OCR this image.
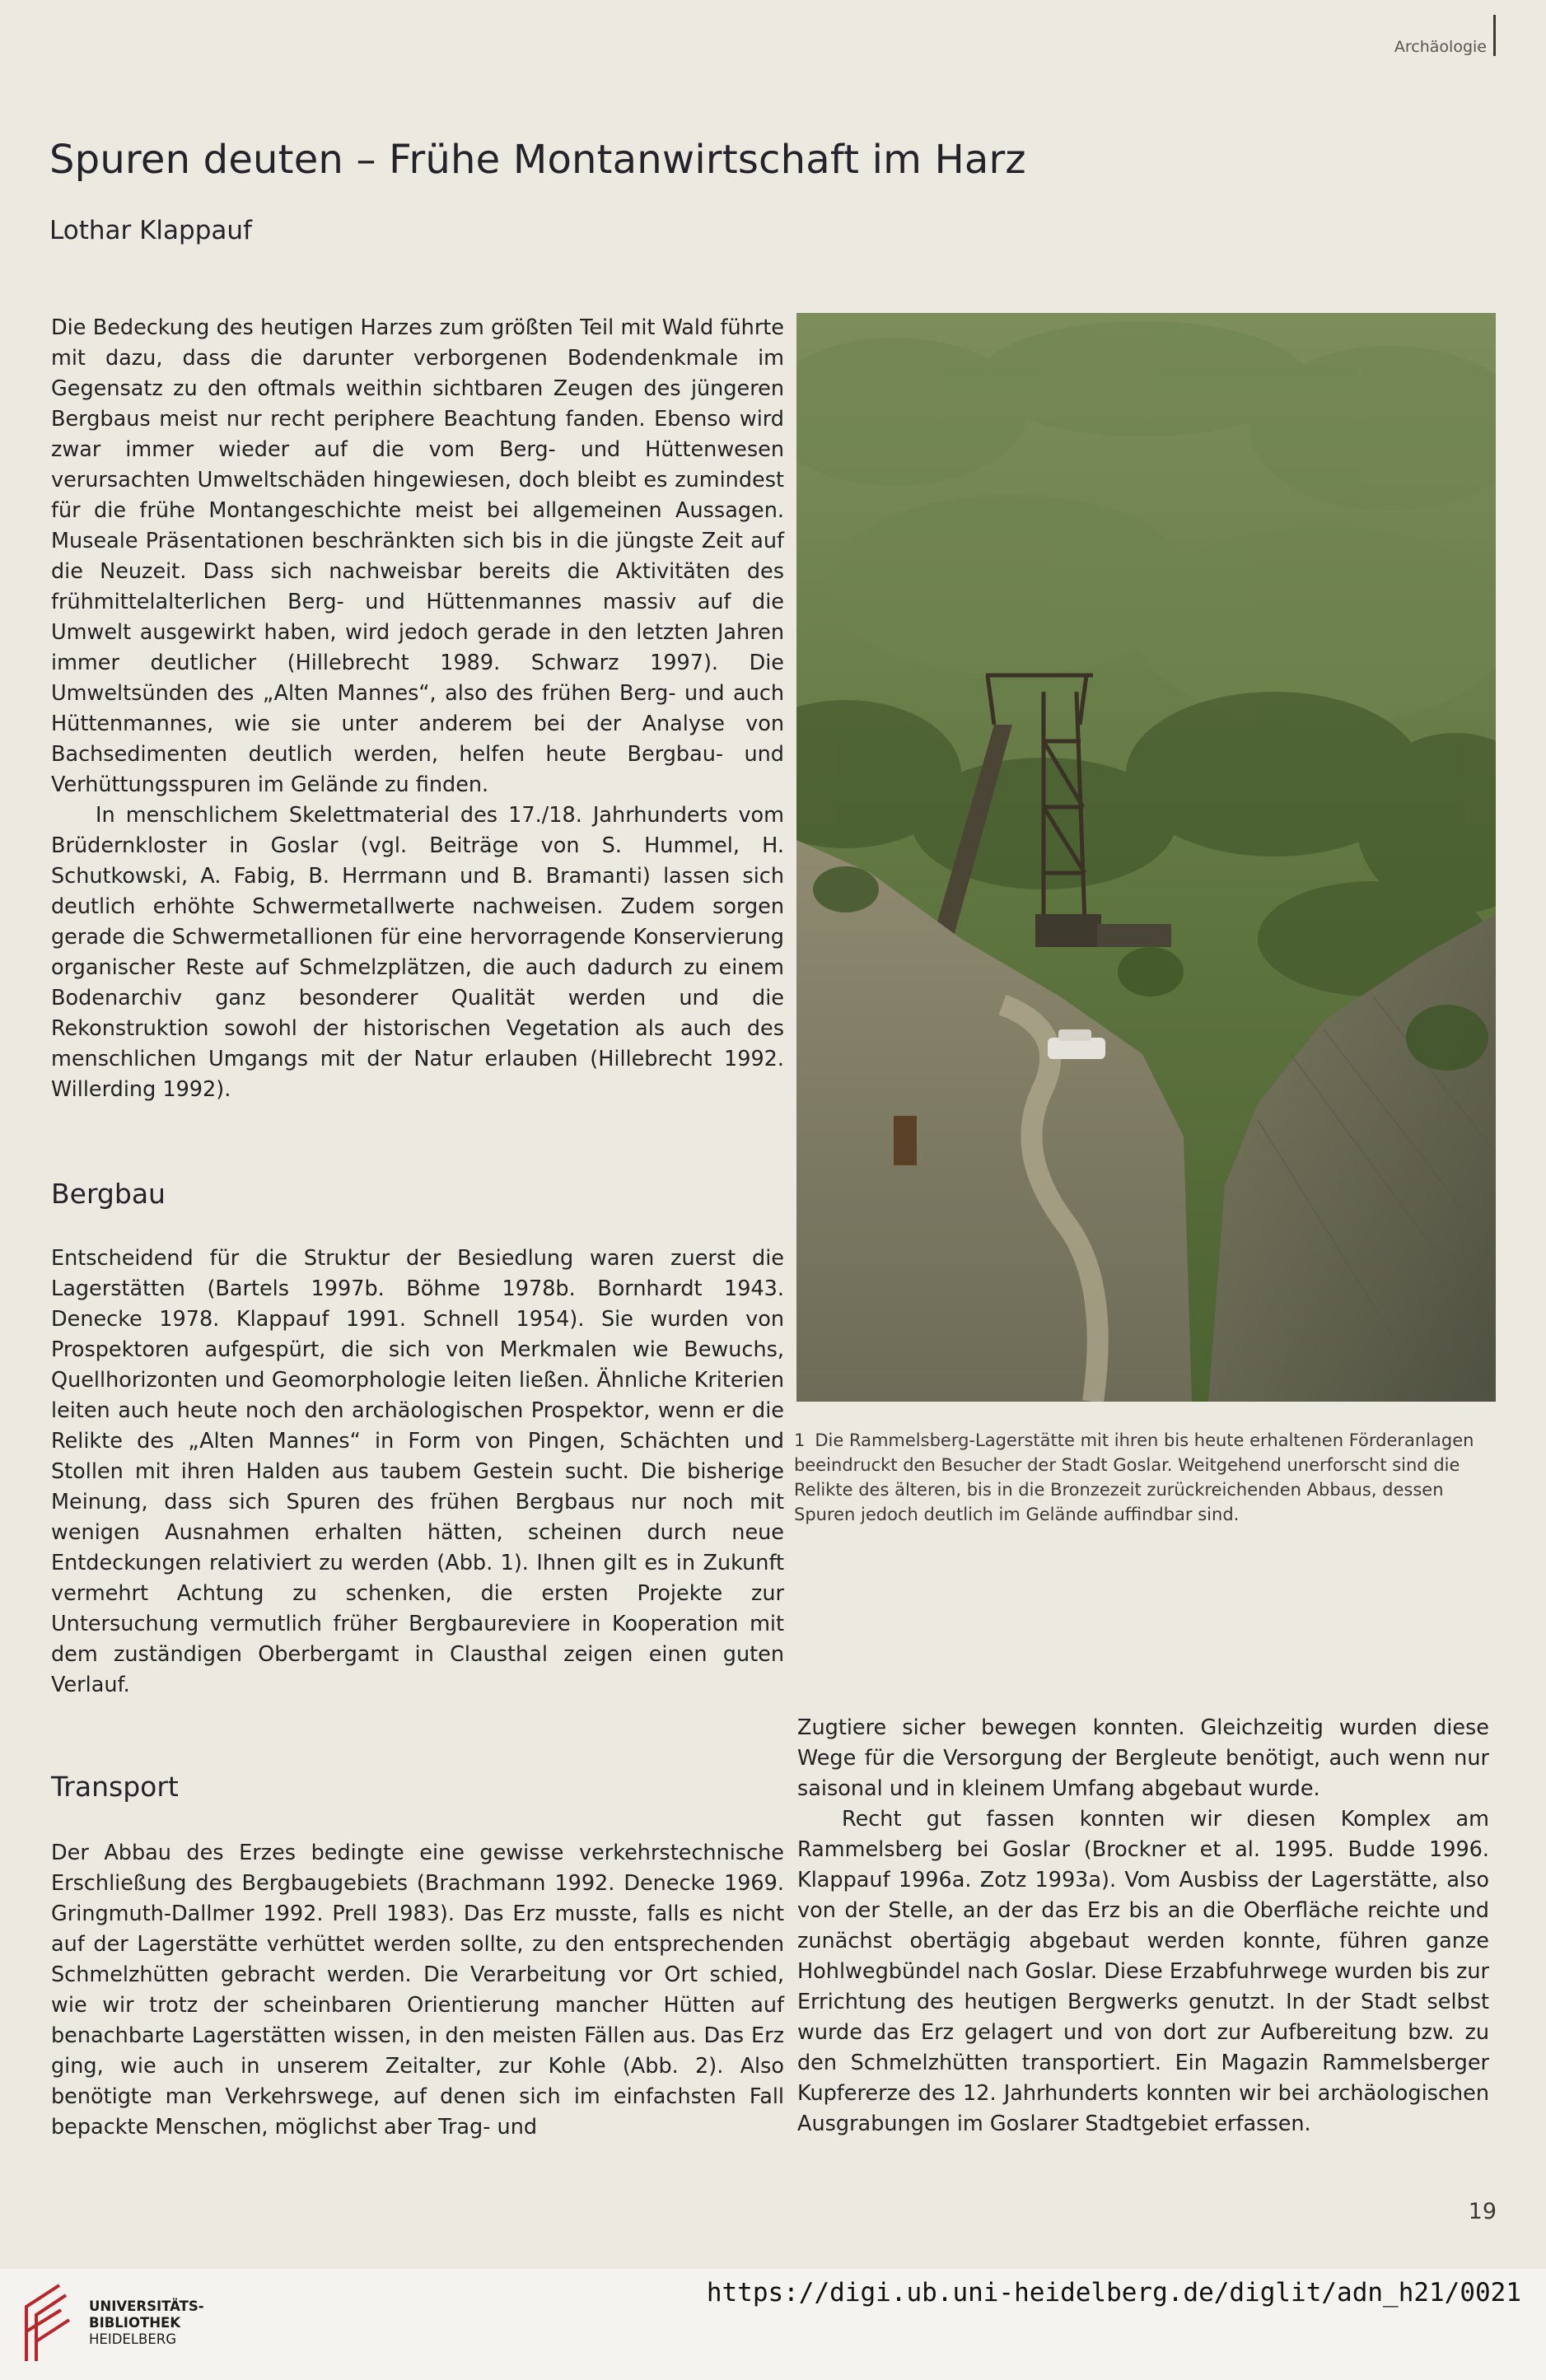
Archäologie
Spuren deuten – Frühe Montanwirtschaft im Harz
Lothar Klappauf

Die Bedeckung des heutigen Harzes zum größten Teil mit Wald führte mit dazu, dass die darunter verborgenen Bodendenkmale im Gegensatz zu den oftmals weithin sichtbaren Zeugen des jüngeren Bergbaus meist nur recht periphere Beachtung fanden. Ebenso wird zwar immer wieder auf die vom Berg- und Hüttenwesen verursachten Umweltschäden hingewiesen, doch bleibt es zumindest für die frühe Montangeschichte meist bei allgemeinen Aussagen. Museale Präsentationen beschränkten sich bis in die jüngste Zeit auf die Neuzeit. Dass sich nachweisbar bereits die Aktivitäten des frühmittelalterlichen Berg- und Hüttenmannes massiv auf die Umwelt ausgewirkt haben, wird jedoch gerade in den letzten Jahren immer deutlicher (Hillebrecht 1989. Schwarz 1997). Die Umweltsünden des „Alten Mannes“, also des frühen Berg- und auch Hüttenmannes, wie sie unter anderem bei der Analyse von Bachsedimenten deutlich werden, helfen heute Bergbau- und Verhüttungsspuren im Gelände zu finden.

In menschlichem Skelettmaterial des 17./18. Jahrhunderts vom Brüdernkloster in Goslar (vgl. Beiträge von S. Hummel, H. Schutkowski, A. Fabig, B. Herrmann und B. Bramanti) lassen sich deutlich erhöhte Schwermetallwerte nachweisen. Zudem sorgen gerade die Schwermetallionen für eine hervorragende Konservierung organischer Reste auf Schmelzplätzen, die auch dadurch zu einem Bodenarchiv ganz besonderer Qualität werden und die Rekonstruktion sowohl der historischen Vegetation als auch des menschlichen Umgangs mit der Natur erlauben (Hillebrecht 1992. Willerding 1992).

Bergbau

Entscheidend für die Struktur der Besiedlung waren zuerst die Lagerstätten (Bartels 1997b. Böhme 1978b. Bornhardt 1943. Denecke 1978. Klappauf 1991. Schnell 1954). Sie wurden von Prospektoren aufgespürt, die sich von Merkmalen wie Bewuchs, Quellhorizonten und Geomorphologie leiten ließen. Ähnliche Kriterien leiten auch heute noch den archäologischen Prospektor, wenn er die Relikte des „Alten Mannes“ in Form von Pingen, Schächten und Stollen mit ihren Halden aus taubem Gestein sucht. Die bisherige Meinung, dass sich Spuren des frühen Bergbaus nur noch mit wenigen Ausnahmen erhalten hätten, scheinen durch neue Entdeckungen relativiert zu werden (Abb. 1). Ihnen gilt es in Zukunft vermehrt Achtung zu schenken, die ersten Projekte zur Untersuchung vermutlich früher Bergbaureviere in Kooperation mit dem zuständigen Oberbergamt in Clausthal zeigen einen guten Verlauf.

Transport

Der Abbau des Erzes bedingte eine gewisse verkehrstechnische Erschließung des Bergbaugebiets (Brachmann 1992. Denecke 1969. Gringmuth-Dallmer 1992. Prell 1983). Das Erz musste, falls es nicht auf der Lagerstätte verhüttet werden sollte, zu den entsprechenden Schmelzhütten gebracht werden. Die Verarbeitung vor Ort schied, wie wir trotz der scheinbaren Orientierung mancher Hütten auf benachbarte Lagerstätten wissen, in den meisten Fällen aus. Das Erz ging, wie auch in unserem Zeitalter, zur Kohle (Abb. 2). Also benötigte man Verkehrswege, auf denen sich im einfachsten Fall bepackte Menschen, möglichst aber Trag- und

1 Die Rammelsberg-Lagerstätte mit ihren bis heute erhaltenen Förderanlagen beeindruckt den Besucher der Stadt Goslar. Weitgehend unerforscht sind die Relikte des älteren, bis in die Bronzezeit zurückreichenden Abbaus, dessen Spuren jedoch deutlich im Gelände auffindbar sind.

Zugtiere sicher bewegen konnten. Gleichzeitig wurden diese Wege für die Versorgung der Bergleute benötigt, auch wenn nur saisonal und in kleinem Umfang abgebaut wurde.

Recht gut fassen konnten wir diesen Komplex am Rammelsberg bei Goslar (Brockner et al. 1995. Budde 1996. Klappauf 1996a. Zotz 1993a). Vom Ausbiss der Lagerstätte, also von der Stelle, an der das Erz bis an die Oberfläche reichte und zunächst obertägig abgebaut werden konnte, führen ganze Hohlwegbündel nach Goslar. Diese Erzabfuhrwege wurden bis zur Errichtung des heutigen Bergwerks genutzt. In der Stadt selbst wurde das Erz gelagert und von dort zur Aufbereitung bzw. zu den Schmelzhütten transportiert. Ein Magazin Rammelsberger Kupfererze des 12. Jahrhunderts konnten wir bei archäologischen Ausgrabungen im Goslarer Stadtgebiet erfassen.

19
UNIVERSITÄTS-
BIBLIOTHEK
HEIDELBERG
https://digi.ub.uni-heidelberg.de/diglit/adn_h21/0021
